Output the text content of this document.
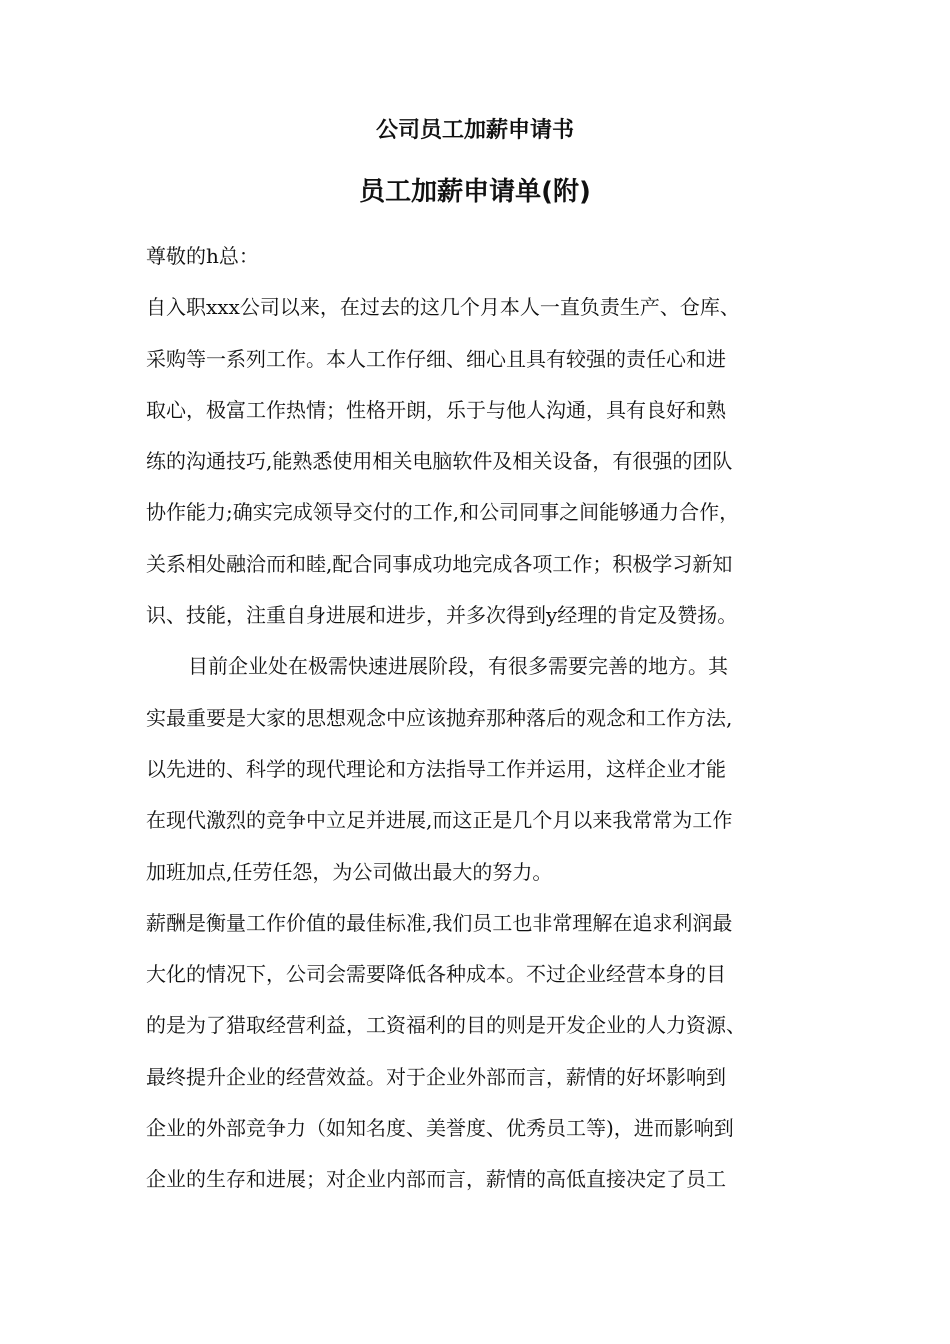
公司员工加薪申请书
员工加薪申请单(附)
尊敬的h总：
自入职xxx公司以来，在过去的这几个月本人一直负责生产、仓库、
采购等一系列工作。本人工作仔细、细心且具有较强的责任心和进
取心，极富工作热情；性格开朗，乐于与他人沟通，具有良好和熟
练的沟通技巧,能熟悉使用相关电脑软件及相关设备，有很强的团队
协作能力;确实完成领导交付的工作,和公司同事之间能够通力合作，
关系相处融洽而和睦,配合同事成功地完成各项工作；积极学习新知
识、技能，注重自身进展和进步，并多次得到y经理的肯定及赞扬。
目前企业处在极需快速进展阶段，有很多需要完善的地方。其
实最重要是大家的思想观念中应该抛弃那种落后的观念和工作方法,
以先进的、科学的现代理论和方法指导工作并运用，这样企业才能
在现代激烈的竞争中立足并进展,而这正是几个月以来我常常为工作
加班加点,任劳任怨，为公司做出最大的努力。
薪酬是衡量工作价值的最佳标准,我们员工也非常理解在追求利润最
大化的情况下，公司会需要降低各种成本。不过企业经营本身的目
的是为了猎取经营利益，工资福利的目的则是开发企业的人力资源、
最终提升企业的经营效益。对于企业外部而言，薪情的好坏影响到
企业的外部竞争力（如知名度、美誉度、优秀员工等)，进而影响到
企业的生存和进展；对企业内部而言，薪情的高低直接决定了员工
